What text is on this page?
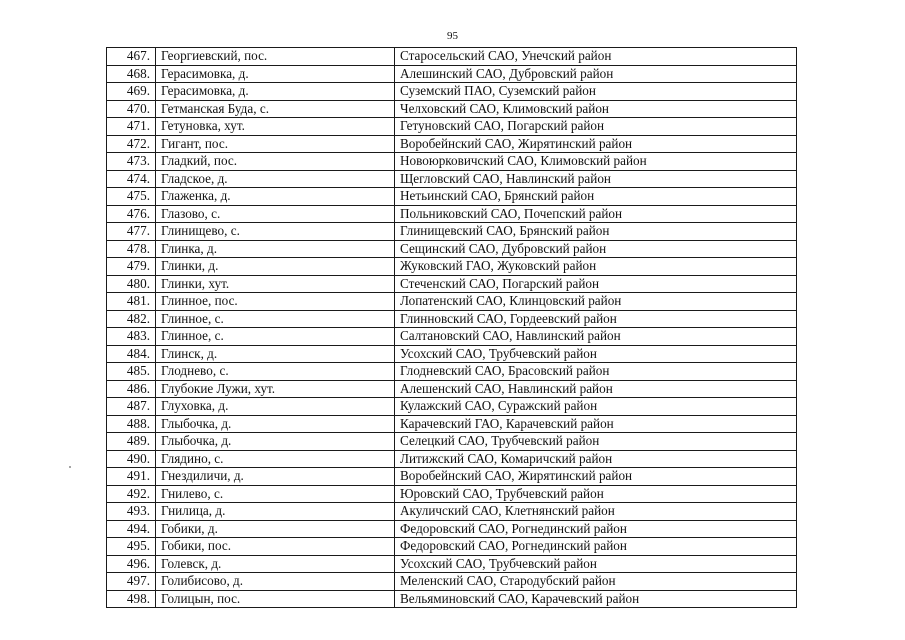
95
467.	Георгиевский, пос.	Старосельский САО, Унечский район
468.	Герасимовка, д.	Алешинский САО, Дубровский район
469.	Герасимовка, д.	Суземский ПАО, Суземский район
470.	Гетманская Буда, с.	Челховский САО, Климовский район
471.	Гетуновка, хут.	Гетуновский САО, Погарский район
472.	Гигант, пос.	Воробейнский САО, Жирятинский район
473.	Гладкий, пос.	Новоюрковичский САО, Климовский район
474.	Гладское, д.	Щегловский САО, Навлинский район
475.	Глаженка, д.	Нетьинский САО, Брянский район
476.	Глазово, с.	Польниковский САО, Почепский район
477.	Глинищево, с.	Глинищевский САО, Брянский район
478.	Глинка, д.	Сещинский САО, Дубровский район
479.	Глинки, д.	Жуковский ГАО, Жуковский район
480.	Глинки, хут.	Стеченский САО, Погарский район
481.	Глинное, пос.	Лопатенский САО, Клинцовский район
482.	Глинное, с.	Глинновский САО, Гордеевский район
483.	Глинное, с.	Салтановский САО, Навлинский район
484.	Глинск, д.	Усохский САО, Трубчевский район
485.	Глодневo, с.	Глодневский САО, Брасовский район
486.	Глубокие Лужи, хут.	Алешенский САО, Навлинский район
487.	Глуховка, д.	Кулажский САО, Суражский район
488.	Глыбочка, д.	Карачевский ГАО, Карачевский район
489.	Глыбочка, д.	Селецкий САО, Трубчевский район
490.	Глядино, с.	Литижский САО, Комаричский район
491.	Гнездиличи, д.	Воробейнский САО, Жирятинский район
492.	Гнилево, с.	Юровский САО, Трубчевский район
493.	Гнилица, д.	Акуличский САО, Клетнянский район
494.	Гобики, д.	Федоровский САО, Рогнединский район
495.	Гобики, пос.	Федоровский САО, Рогнединский район
496.	Голевск, д.	Усохский САО, Трубчевский район
497.	Голибисово, д.	Меленский САО, Стародубский район
498.	Голицын, пос.	Вельяминовский САО, Карачевский район
